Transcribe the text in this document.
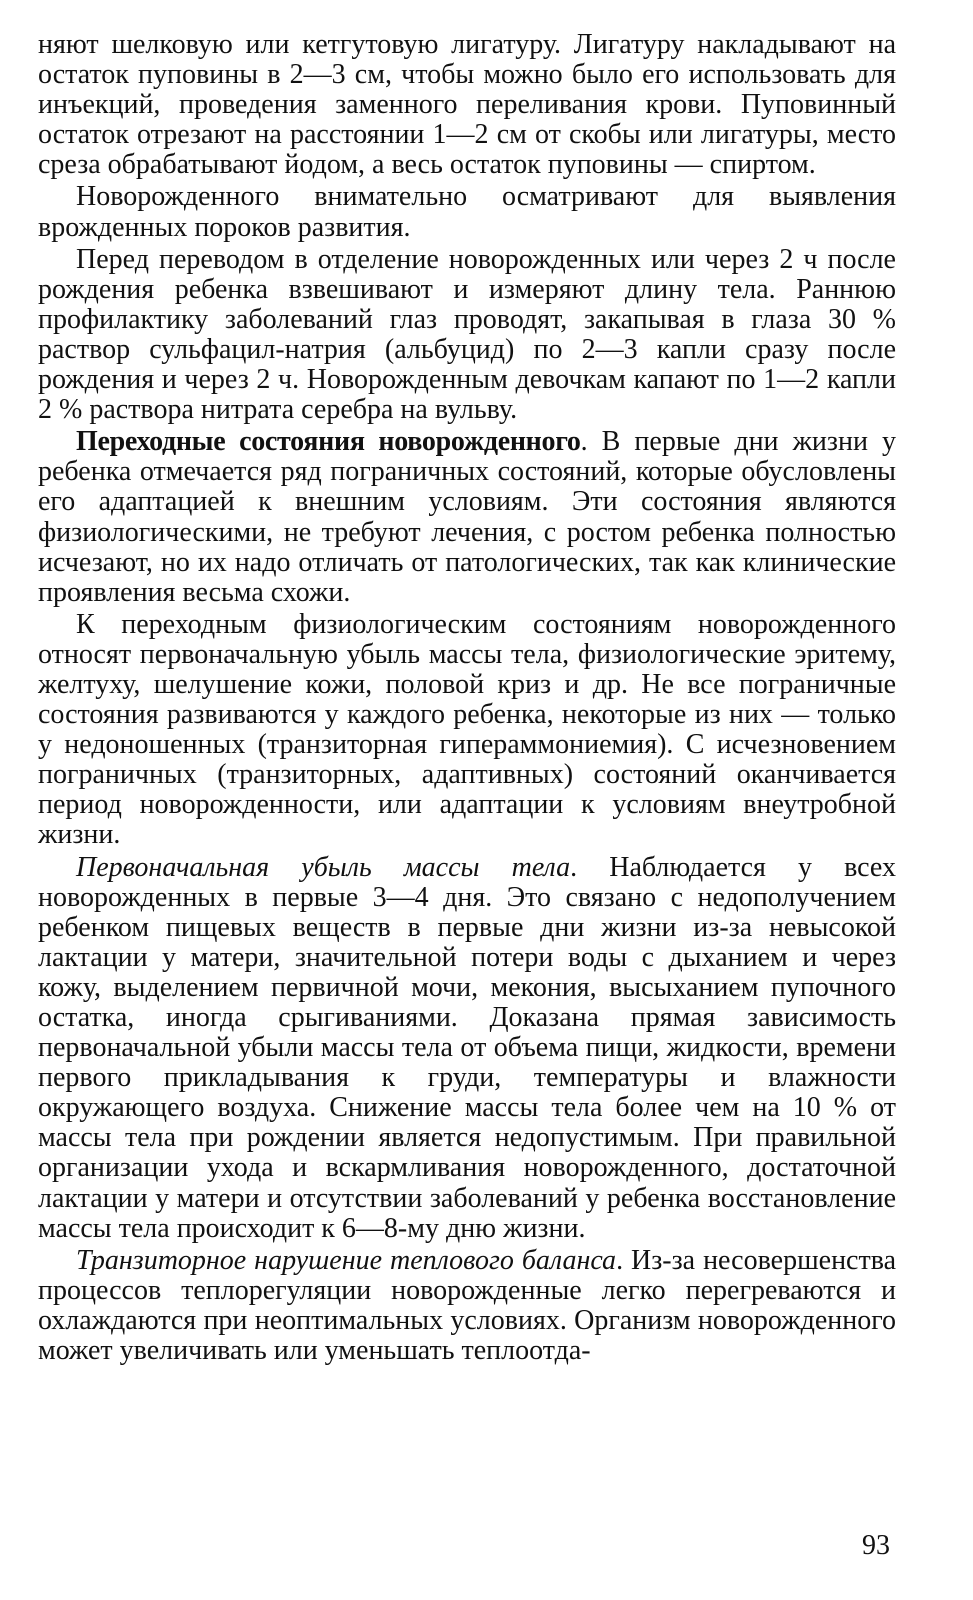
няют шелковую или кетгутовую лигатуру. Лигатуру накладывают на остаток пуповины в 2—3 см, чтобы можно было его использовать для инъекций, проведения заменного переливания крови. Пуповинный остаток отрезают на расстоянии 1—2 см от скобы или лигатуры, место среза обрабатывают йодом, а весь остаток пуповины — спиртом.

Новорожденного внимательно осматривают для выявления врожденных пороков развития.

Перед переводом в отделение новорожденных или через 2 ч после рождения ребенка взвешивают и измеряют длину тела. Раннюю профилактику заболеваний глаз проводят, закапывая в глаза 30 % раствор сульфацил-натрия (альбуцид) по 2—3 капли сразу после рождения и через 2 ч. Новорожденным девочкам капают по 1—2 капли 2 % раствора нитрата серебра на вульву.

Переходные состояния новорожденного. В первые дни жизни у ребенка отмечается ряд пограничных состояний, которые обусловлены его адаптацией к внешним условиям. Эти состояния являются физиологическими, не требуют лечения, с ростом ребенка полностью исчезают, но их надо отличать от патологических, так как клинические проявления весьма схожи.

К переходным физиологическим состояниям новорожденного относят первоначальную убыль массы тела, физиологические эритему, желтуху, шелушение кожи, половой криз и др. Не все пограничные состояния развиваются у каждого ребенка, некоторые из них — только у недоношенных (транзиторная гипераммониемия). С исчезновением пограничных (транзиторных, адаптивных) состояний оканчивается период новорожденности, или адаптации к условиям внеутробной жизни.

Первоначальная убыль массы тела. Наблюдается у всех новорожденных в первые 3—4 дня. Это связано с недополучением ребенком пищевых веществ в первые дни жизни из-за невысокой лактации у матери, значительной потери воды с дыханием и через кожу, выделением первичной мочи, мекония, высыханием пупочного остатка, иногда срыгиваниями. Доказана прямая зависимость первоначальной убыли массы тела от объема пищи, жидкости, времени первого прикладывания к груди, температуры и влажности окружающего воздуха. Снижение массы тела более чем на 10 % от массы тела при рождении является недопустимым. При правильной организации ухода и вскармливания новорожденного, достаточной лактации у матери и отсутствии заболеваний у ребенка восстановление массы тела происходит к 6—8-му дню жизни.

Транзиторное нарушение теплового баланса. Из-за несовершенства процессов теплорегуляции новорожденные легко перегреваются и охлаждаются при неоптимальных условиях. Организм новорожденного может увеличивать или уменьшать теплоотда-

93
